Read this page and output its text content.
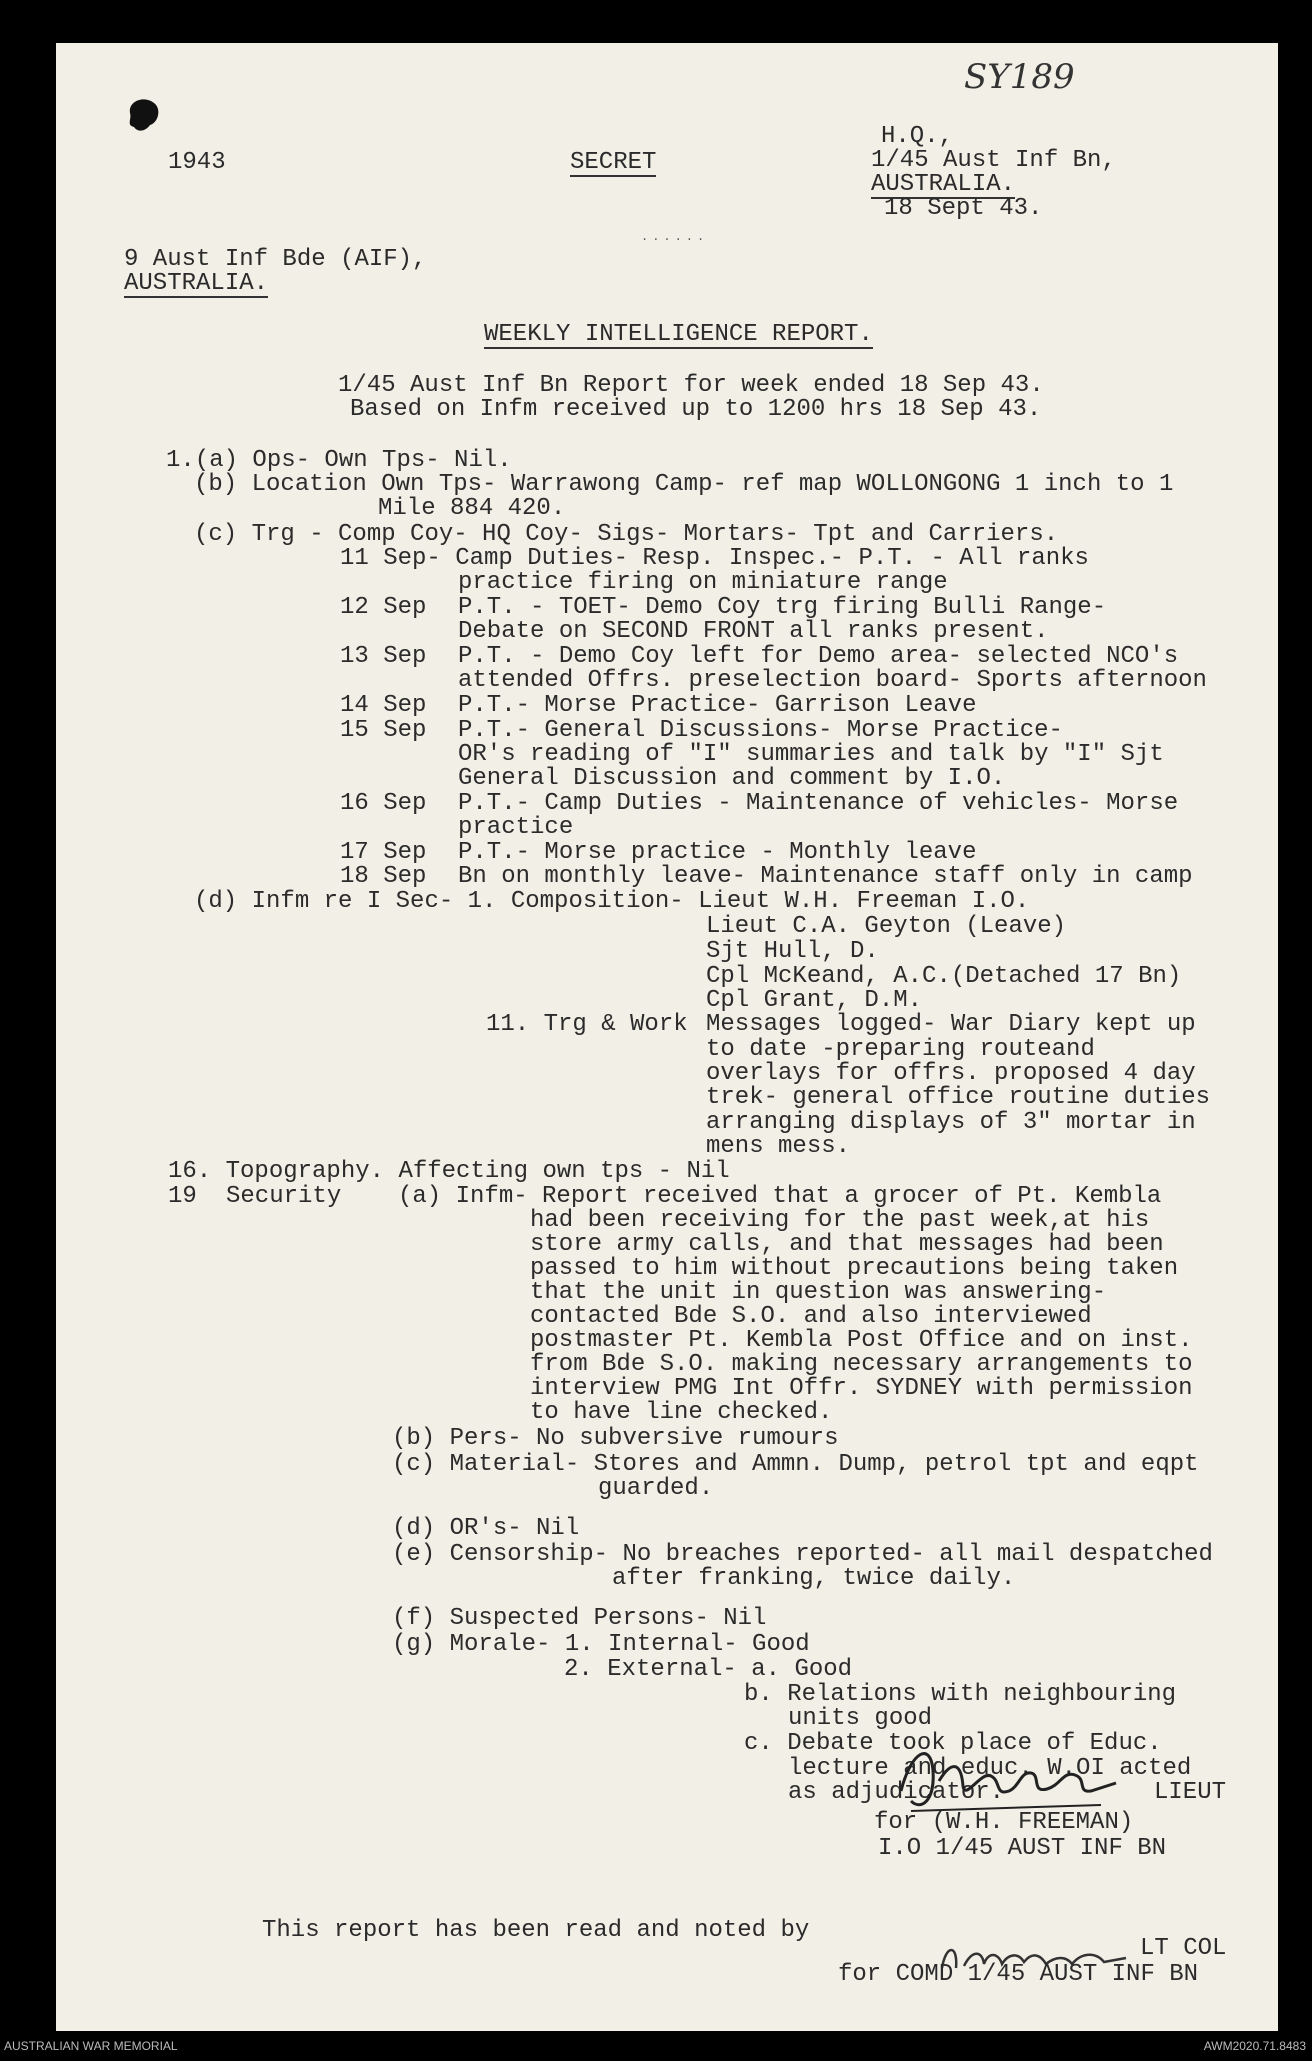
SY189
1943	SECRET
......
H.Q.,
1/45 Aust Inf Bn,
AUSTRALIA.
18 Sept 43.
9 Aust Inf Bde (AIF),
AUSTRALIA.
WEEKLY INTELLIGENCE REPORT.
1/45 Aust Inf Bn Report for week ended 18 Sep 43.
Based on Infm received up to 1200 hrs 18 Sep 43.
1.(a) Ops- Own Tps- Nil.
(b) Location Own Tps- Warrawong Camp- ref map WOLLONGONG 1 inch to 1
Mile 884 420.
(c) Trg - Comp Coy- HQ Coy- Sigs- Mortars- Tpt and Carriers.
11 Sep- Camp Duties- Resp. Inspec.- P.T. - All ranks
practice firing on miniature range
12 Sep P.T. - TOET- Demo Coy trg firing Bulli Range-
Debate on SECOND FRONT all ranks present.
13 Sep P.T. - Demo Coy left for Demo area- selected NCO's
attended Offrs. preselection board- Sports afternoon
14 Sep P.T.- Morse Practice- Garrison Leave
15 Sep P.T.- General Discussions- Morse Practice-
OR's reading of "I" summaries and talk by "I" Sjt
General Discussion and comment by I.O.
16 Sep P.T.- Camp Duties - Maintenance of vehicles- Morse
practice
17 Sep P.T.- Morse practice - Monthly leave
18 Sep Bn on monthly leave- Maintenance staff only in camp
(d) Infm re I Sec- 1. Composition- Lieut W.H. Freeman I.O.
Lieut C.A. Geyton (Leave)
Sjt Hull, D.
Cpl McKeand, A.C.(Detached 17 Bn)
Cpl Grant, D.M.
11. Trg & Work Messages logged- War Diary kept up
to date -preparing routeand
overlays for offrs. proposed 4 day
trek- general office routine duties
arranging displays of 3" mortar in
mens mess.
16. Topography. Affecting own tps - Nil
19 Security (a) Infm- Report received that a grocer of Pt. Kembla
had been receiving for the past week,at his
store army calls, and that messages had been
passed to him without precautions being taken
that the unit in question was answering-
contacted Bde S.O. and also interviewed
postmaster Pt. Kembla Post Office and on inst.
from Bde S.O. making necessary arrangements to
interview PMG Int Offr. SYDNEY with permission
to have line checked.
(b) Pers- No subversive rumours
(c) Material- Stores and Ammn. Dump, petrol tpt and eqpt
guarded.
(d) OR's- Nil
(e) Censorship- No breaches reported- all mail despatched
after franking, twice daily.
(f) Suspected Persons- Nil
(g) Morale- 1. Internal- Good
2. External- a. Good
b. Relations with neighbouring
units good
c. Debate took place of Educ.
lecture and educ. W.OI acted
as adjudicator.	LIEUT
for (W.H. FREEMAN)
I.O 1/45 AUST INF BN
This report has been read and noted by
LT COL
for COMD 1/45 AUST INF BN
AUSTRALIAN WAR MEMORIAL	AWM2020.71.8483
